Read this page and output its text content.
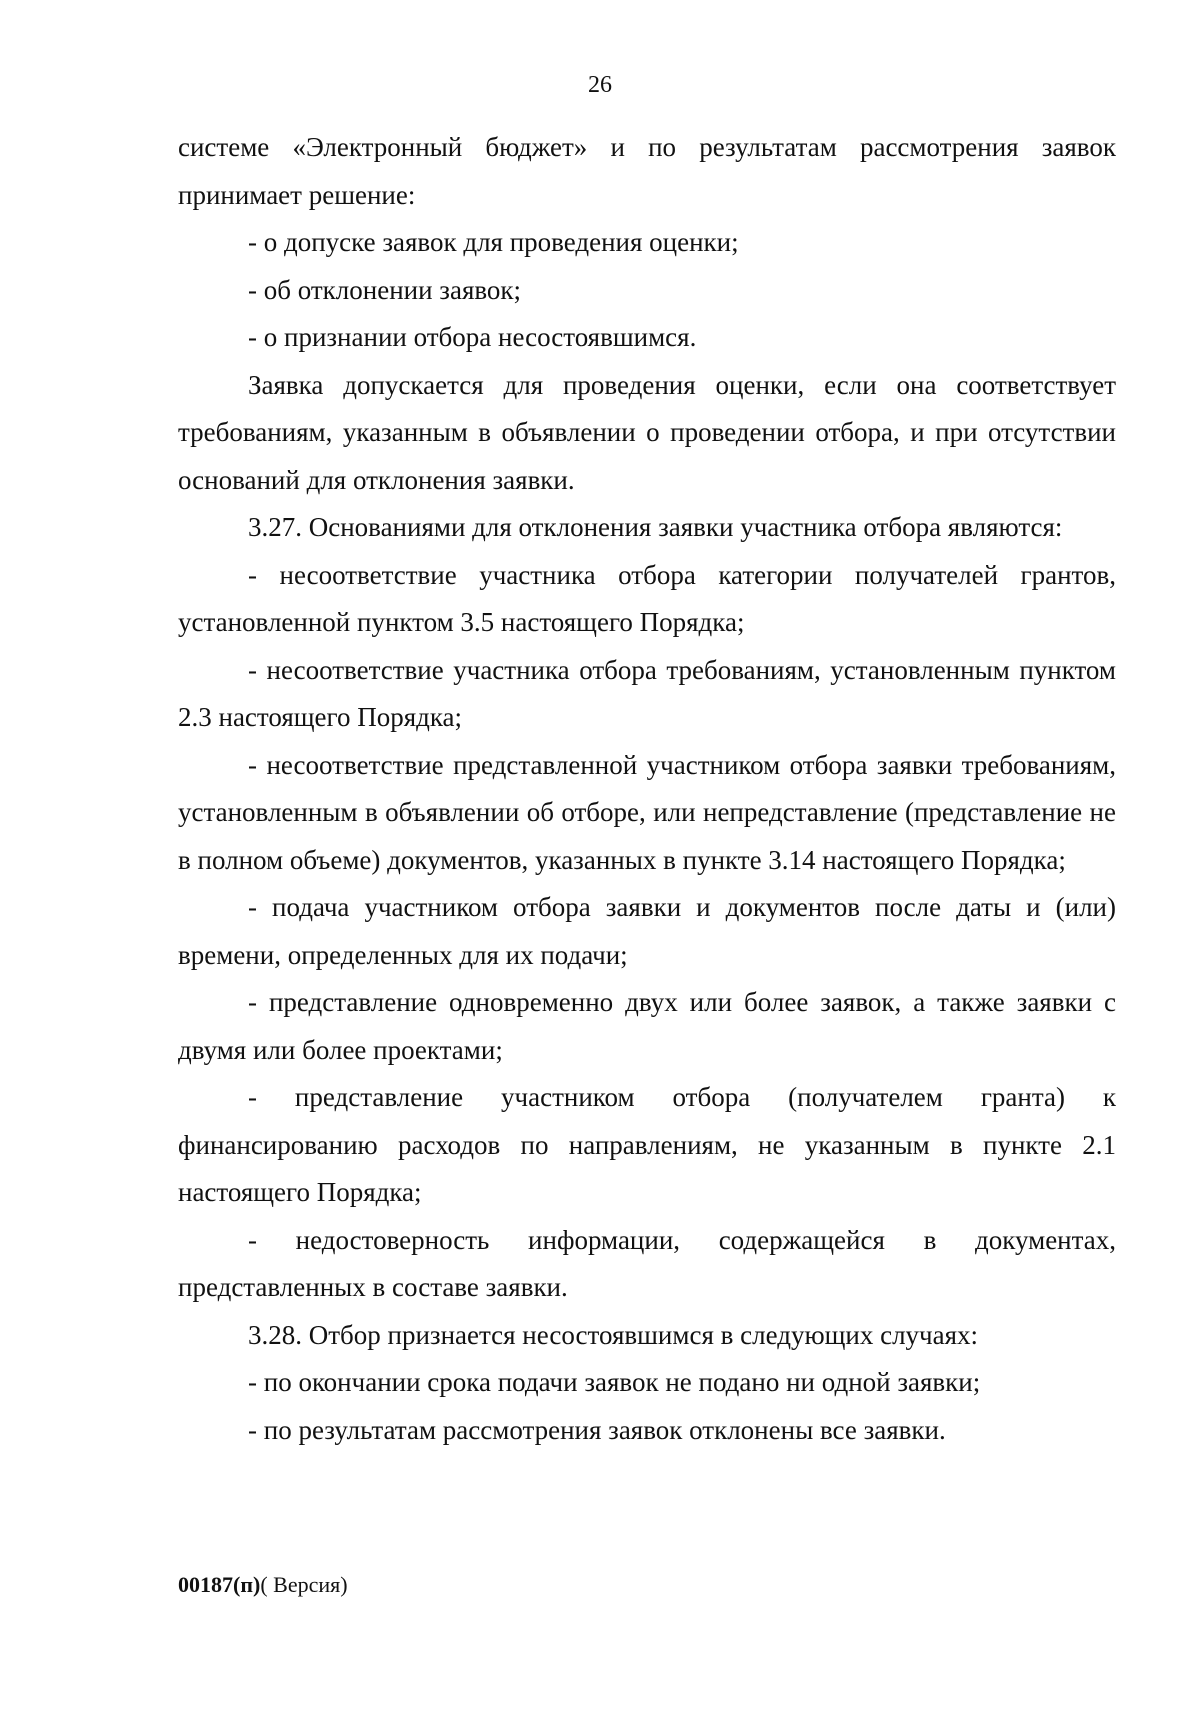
26

системе «Электронный бюджет» и по результатам рассмотрения заявок принимает решение:

- о допуске заявок для проведения оценки;

- об отклонении заявок;

- о признании отбора несостоявшимся.

Заявка допускается для проведения оценки, если она соответствует требованиям, указанным в объявлении о проведении отбора, и при отсутствии оснований для отклонения заявки.

3.27. Основаниями для отклонения заявки участника отбора являются:

- несоответствие участника отбора категории получателей грантов, установленной пунктом 3.5 настоящего Порядка;

- несоответствие участника отбора требованиям, установленным пунктом 2.3 настоящего Порядка;

- несоответствие представленной участником отбора заявки требованиям, установленным в объявлении об отборе, или непредставление (представление не в полном объеме) документов, указанных в пункте 3.14 настоящего Порядка;

- подача участником отбора заявки и документов после даты и (или) времени, определенных для их подачи;

- представление одновременно двух или более заявок, а также заявки с двумя или более проектами;

- представление участником отбора (получателем гранта) к финансированию расходов по направлениям, не указанным в пункте 2.1 настоящего Порядка;

- недостоверность информации, содержащейся в документах, представленных в составе заявки.

3.28. Отбор признается несостоявшимся в следующих случаях:

- по окончании срока подачи заявок не подано ни одной заявки;

- по результатам рассмотрения заявок отклонены все заявки.

00187(п)( Версия)
